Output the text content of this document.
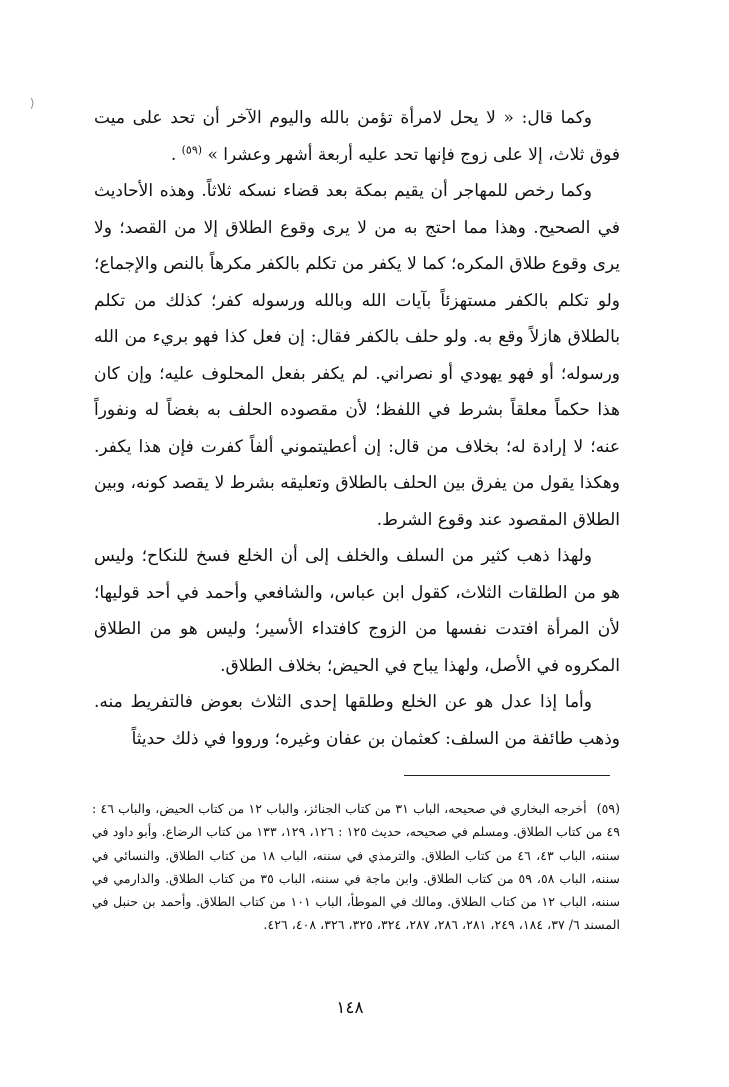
⟩

وكما قال: « لا يحل لامرأة تؤمن بالله واليوم الآخر أن تحد على ميت فوق ثلاث، إلا على زوج فإنها تحد عليه أربعة أشهر وعشرا » $^{(٥٩)}$ .

وكما رخص للمهاجر أن يقيم بمكة بعد قضاء نسكه ثلاثاً. وهذه الأحاديث في الصحيح. وهذا مما احتج به من لا يرى وقوع الطلاق إلا من القصد؛ ولا يرى وقوع طلاق المكره؛ كما لا يكفر من تكلم بالكفر مكرهاً بالنص والإجماع؛ ولو تكلم بالكفر مستهزئاً بآيات الله وبالله ورسوله كفر؛ كذلك من تكلم بالطلاق هازلاً وقع به. ولو حلف بالكفر فقال: إن فعل كذا فهو بريء من الله ورسوله؛ أو فهو يهودي أو نصراني. لم يكفر بفعل المحلوف عليه؛ وإن كان هذا حكماً معلقاً بشرط في اللفظ؛ لأن مقصوده الحلف به بغضاً له ونفوراً عنه؛ لا إرادة له؛ بخلاف من قال: إن أعطيتموني ألفاً كفرت فإن هذا يكفر. وهكذا يقول من يفرق بين الحلف بالطلاق وتعليقه بشرط لا يقصد كونه، وبين الطلاق المقصود عند وقوع الشرط.

ولهذا ذهب كثير من السلف والخلف إلى أن الخلع فسخ للنكاح؛ وليس هو من الطلقات الثلاث، كقول ابن عباس، والشافعي وأحمد في أحد قوليها؛ لأن المرأة افتدت نفسها من الزوج كافتداء الأسير؛ وليس هو من الطلاق المكروه في الأصل، ولهذا يباح في الحيض؛ بخلاف الطلاق.

وأما إذا عدل هو عن الخلع وطلقها إحدى الثلاث بعوض فالتفريط منه. وذهب طائفة من السلف: كعثمان بن عفان وغيره؛ ورووا في ذلك حديثاً

(٥٩)أخرجه البخاري في صحيحه، الباب ٣١ من كتاب الجنائز، والباب ١٢ من كتاب الحيض، والباب ٤٦ : ٤٩ من كتاب الطلاق. ومسلم في صحيحه، حديث ١٢٥ : ١٢٦، ١٢٩، ١٣٣ من كتاب الرضاع. وأبو داود في سننه، الباب ٤٣، ٤٦ من كتاب الطلاق. والترمذي في سننه، الباب ١٨ من كتاب الطلاق. والنسائي في سننه، الباب ٥٨، ٥٩ من كتاب الطلاق. وابن ماجة في سننه، الباب ٣٥ من كتاب الطلاق. والدارمي في سننه، الباب ١٢ من كتاب الطلاق. ومالك في الموطأ، الباب ١٠١ من كتاب الطلاق. وأحمد بن حنبل في المسند ٦/ ٣٧، ١٨٤، ٢٤٩، ٢٨١، ٢٨٦، ٢٨٧، ٣٢٤، ٣٢٥، ٣٢٦، ٤٠٨، ٤٢٦.

١٤٨
